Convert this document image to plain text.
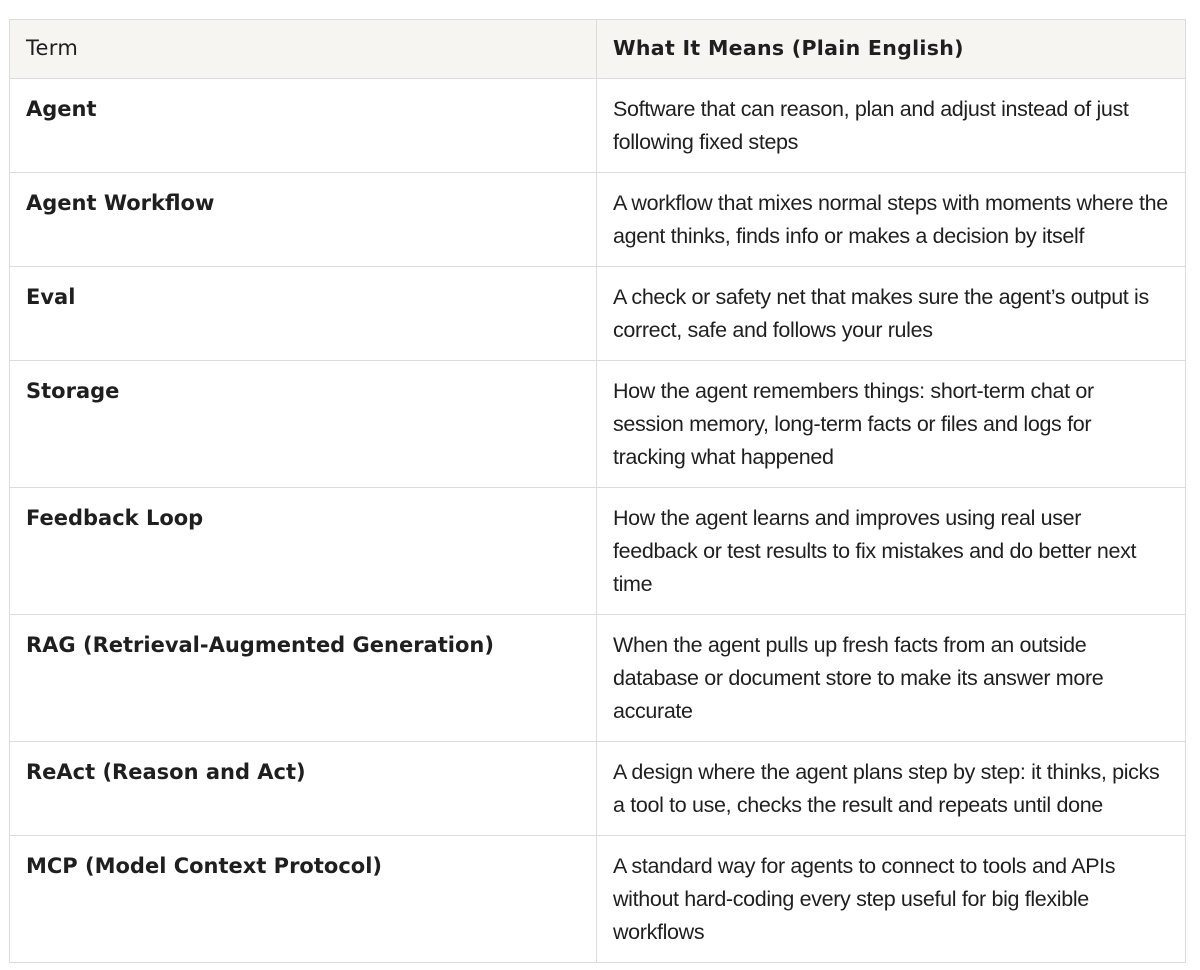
Term	What It Means (Plain English)

Agent	Software that can reason, plan and adjust instead of just following fixed steps

Agent Workflow	A workflow that mixes normal steps with moments where the agent thinks, finds info or makes a decision by itself

Eval	A check or safety net that makes sure the agent’s output is correct, safe and follows your rules

Storage	How the agent remembers things: short-term chat or session memory, long-term facts or files and logs for tracking what happened

Feedback Loop	How the agent learns and improves using real user feedback or test results to fix mistakes and do better next time

RAG (Retrieval-Augmented Generation)	When the agent pulls up fresh facts from an outside database or document store to make its answer more accurate

ReAct (Reason and Act)	A design where the agent plans step by step: it thinks, picks a tool to use, checks the result and repeats until done

MCP (Model Context Protocol)	A standard way for agents to connect to tools and APIs without hard-coding every step useful for big flexible workflows
